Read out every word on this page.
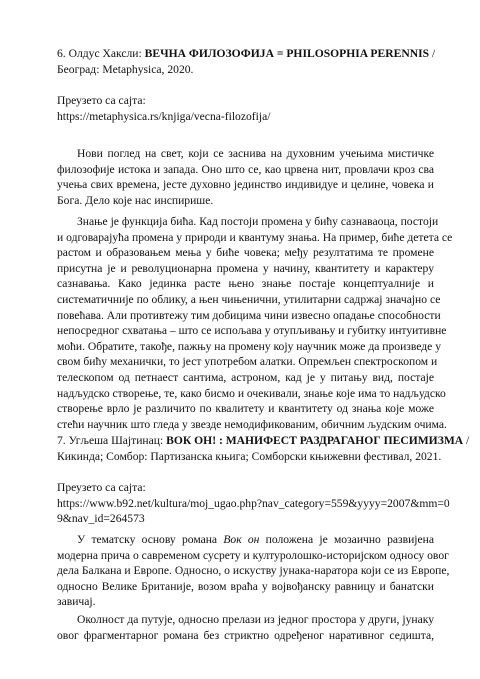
6. Олдус Хаксли: ВЕЧНА ФИЛОЗОФИЈА = PHILOSOPHIA PERENNIS /
Београд: Metaphysica, 2020.
Преузето са сајта:
https://metaphysica.rs/knjiga/vecna-filozofija/
Нови поглед на свет, који се заснива на духовним учењима мистичке
филозофије истока и запада. Оно што се, као црвена нит, провлачи кроз сва
учења свих времена, јесте духовно јединство индивидуе и целине, човека и
Бога. Дело које нас инспирише.
Знање је функција бића. Кад постоји промена у бићу сазнаваоца, постоји
и одговарајућа промена у природи и квантуму знања. На пример, биће детета се
растом и образовањем мења у биће човека; међу резултатима те промене
присутна је и револуционарна промена у начину, квантитету и карактеру
сазнавања. Како јединка расте њено знање постаје концептуалније и
систематичније по облику, а њен чињенични, утилитарни садржај значајно се
повећава. Али противтежу тим добицима чини извесно опадање способности
непосредног схватања – што се испољава у отупљивању и губитку интуитивне
моћи. Обратите, такође, пажњу на промену коју научник може да произведе у
свом бићу механички, то јест употребом алатки. Опремљен спектроскопом и
телескопом од петнаест сантима, астроном, кад је у питању вид, постаје
надљудско створење, те, како бисмо и очекивали, знање које има то надљудско
створење врло је различито по квалитету и квантитету од знања које може
стећи научник што гледа у звезде немодификованим, обичним људским очима.
7. Угљеша Шајтинац: ВОК ОН! : МАНИФЕСТ РАЗДРАГАНОГ ПЕСИМИЗМА /
Кикинда; Сомбор: Партизанска књига; Сомборски књижевни фестивал, 2021.
Преузето са сајта:
https://www.b92.net/kultura/moj_ugao.php?nav_category=559&yyyy=2007&mm=0
9&nav_id=264573
У тематску основу романа Вок он положена је мозаично развијена
модерна прича о савременом сусрету и културолошко-историјском односу овог
дела Балкана и Европе. Односно, о искуству јунака-наратора који се из Европе,
односно Велике Британије, возом враћа у војвођанску равницу и банатски
завичај.
Околност да путује, односно прелази из једног простора у други, јунаку
овог фрагментарног романа без стриктно одређеног наративног седишта,
